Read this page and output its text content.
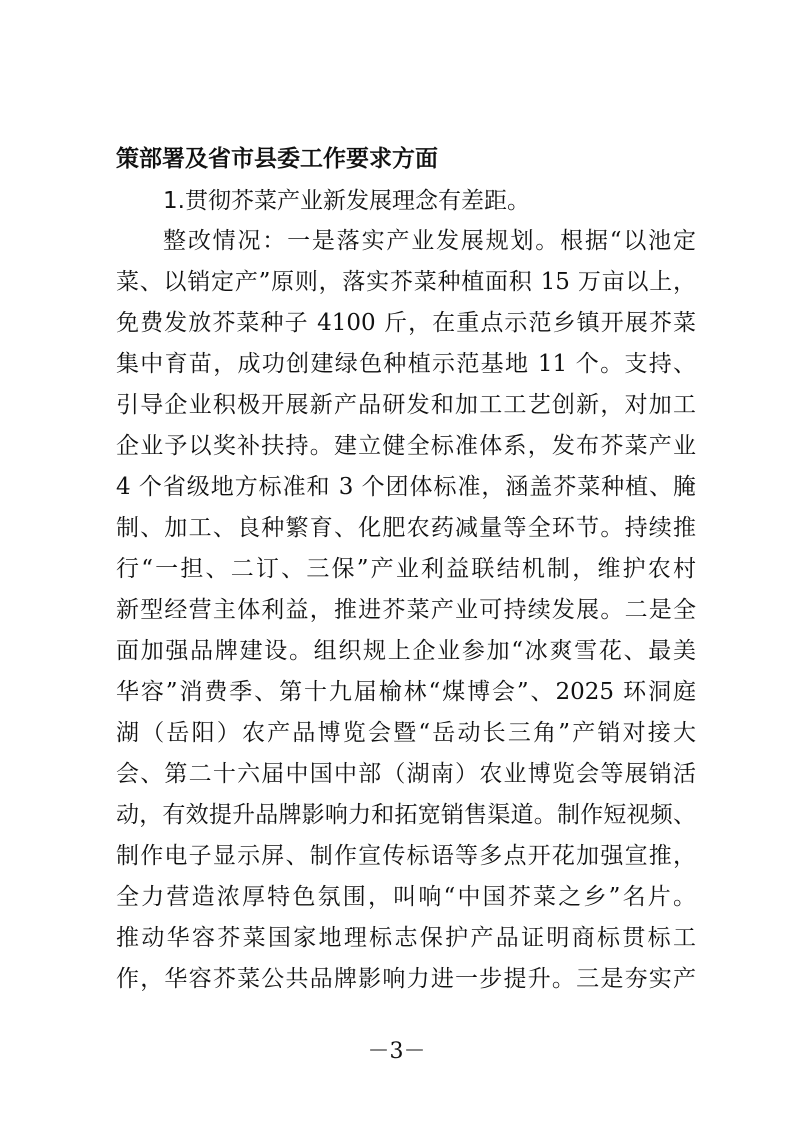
策部署及省市县委工作要求方面
1.贯彻芥菜产业新发展理念有差距。
整改情况：一是落实产业发展规划。根据“以池定
菜、以销定产”原则，落实芥菜种植面积 15 万亩以上，
免费发放芥菜种子 4100 斤，在重点示范乡镇开展芥菜
集中育苗，成功创建绿色种植示范基地 11 个。支持、
引导企业积极开展新产品研发和加工工艺创新，对加工
企业予以奖补扶持。建立健全标准体系，发布芥菜产业
4 个省级地方标准和 3 个团体标准，涵盖芥菜种植、腌
制、加工、良种繁育、化肥农药减量等全环节。持续推
行“一担、二订、三保”产业利益联结机制，维护农村
新型经营主体利益，推进芥菜产业可持续发展。二是全
面加强品牌建设。组织规上企业参加“冰爽雪花、最美
华容”消费季、第十九届榆林“煤博会”、2025 环洞庭
湖（岳阳）农产品博览会暨“岳动长三角”产销对接大
会、第二十六届中国中部（湖南）农业博览会等展销活
动，有效提升品牌影响力和拓宽销售渠道。制作短视频、
制作电子显示屏、制作宣传标语等多点开花加强宣推，
全力营造浓厚特色氛围，叫响“中国芥菜之乡”名片。
推动华容芥菜国家地理标志保护产品证明商标贯标工
作，华容芥菜公共品牌影响力进一步提升。三是夯实产
－3－
